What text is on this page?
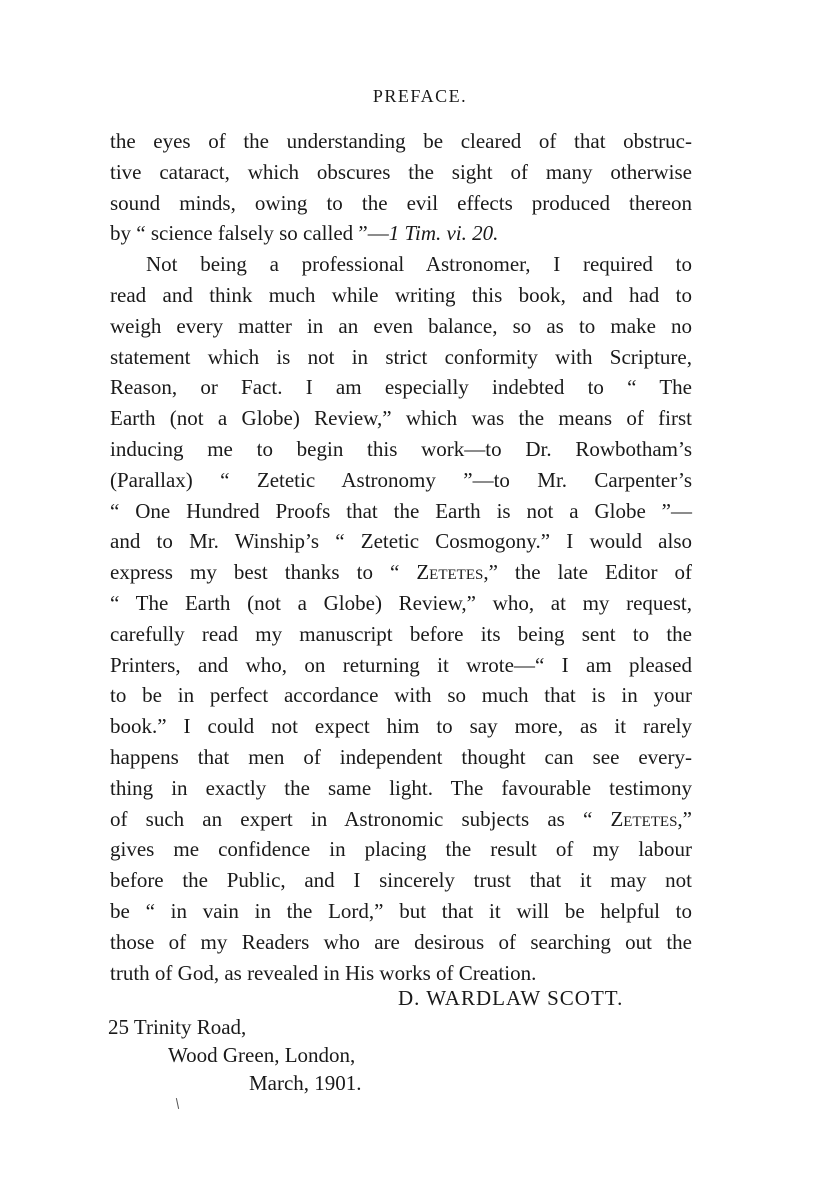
PREFACE.
the eyes of the understanding be cleared of that obstruc-
tive cataract, which obscures the sight of many otherwise
sound minds, owing to the evil effects produced thereon
by “ science falsely so called ”—1 Tim. vi. 20.
Not being a professional Astronomer, I required to
read and think much while writing this book, and had to
weigh every matter in an even balance, so as to make no
statement which is not in strict conformity with Scripture,
Reason, or Fact. I am especially indebted to “ The
Earth (not a Globe) Review,” which was the means of first
inducing me to begin this work—to Dr. Rowbotham’s
(Parallax) “ Zetetic Astronomy ”—to Mr. Carpenter’s
“ One Hundred Proofs that the Earth is not a Globe ”—
and to Mr. Winship’s “ Zetetic Cosmogony.” I would also
express my best thanks to “ Zetetes,” the late Editor of
“ The Earth (not a Globe) Review,” who, at my request,
carefully read my manuscript before its being sent to the
Printers, and who, on returning it wrote—“ I am pleased
to be in perfect accordance with so much that is in your
book.” I could not expect him to say more, as it rarely
happens that men of independent thought can see every-
thing in exactly the same light. The favourable testimony
of such an expert in Astronomic subjects as “ Zetetes,”
gives me confidence in placing the result of my labour
before the Public, and I sincerely trust that it may not
be “ in vain in the Lord,” but that it will be helpful to
those of my Readers who are desirous of searching out the
truth of God, as revealed in His works of Creation.
D. WARDLAW SCOTT.
25 Trinity Road,
Wood Green, London,
March, 1901.
